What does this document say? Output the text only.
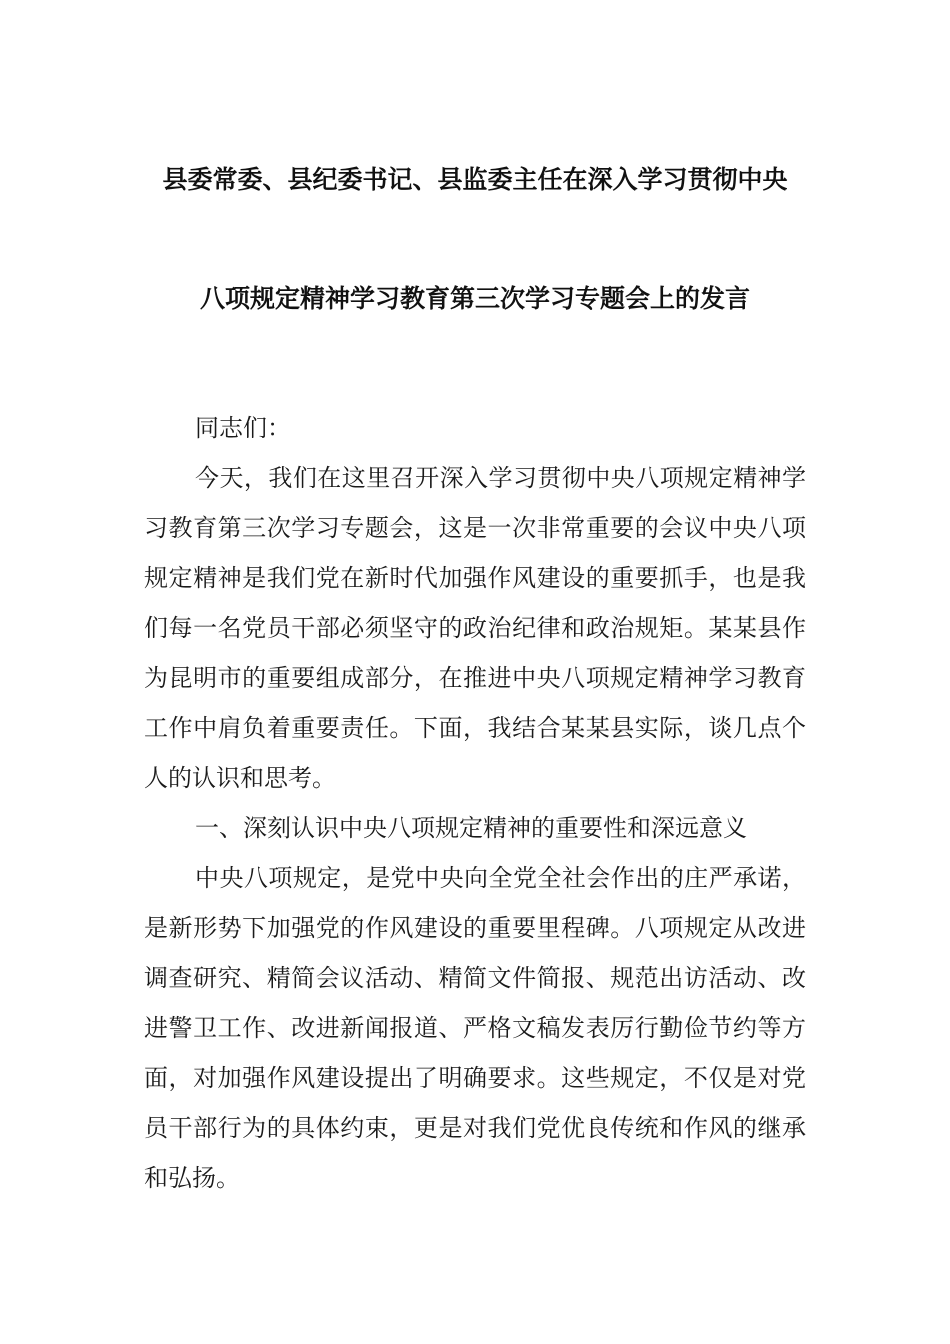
县委常委、县纪委书记、县监委主任在深入学习贯彻中央
八项规定精神学习教育第三次学习专题会上的发言

同志们：

今天，我们在这里召开深入学习贯彻中央八项规定精神学习教育第三次学习专题会，这是一次非常重要的会议中央八项规定精神是我们党在新时代加强作风建设的重要抓手，也是我们每一名党员干部必须坚守的政治纪律和政治规矩。某某县作为昆明市的重要组成部分，在推进中央八项规定精神学习教育工作中肩负着重要责任。下面，我结合某某县实际，谈几点个人的认识和思考。

一、深刻认识中央八项规定精神的重要性和深远意义

中央八项规定，是党中央向全党全社会作出的庄严承诺，是新形势下加强党的作风建设的重要里程碑。八项规定从改进调查研究、精简会议活动、精简文件简报、规范出访活动、改进警卫工作、改进新闻报道、严格文稿发表厉行勤俭节约等方面，对加强作风建设提出了明确要求。这些规定，不仅是对党员干部行为的具体约束，更是对我们党优良传统和作风的继承和弘扬。
